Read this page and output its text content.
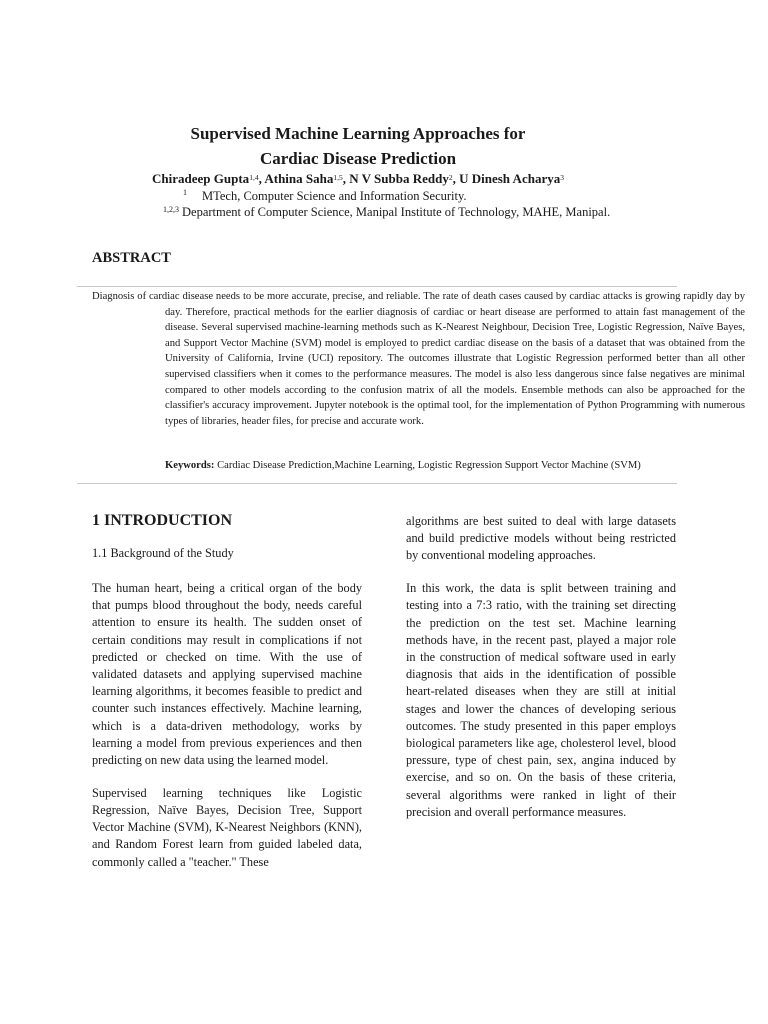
Supervised Machine Learning Approaches for
Cardiac Disease Prediction
Chiradeep Gupta$^{1,4}$, Athina Saha$^{1,5}$, N V Subba Reddy$^2$, U Dinesh Acharya$^3$
1 MTech, Computer Science and Information Security.
1,2,3 Department of Computer Science, Manipal Institute of Technology, MAHE, Manipal.
ABSTRACT

Diagnosis of cardiac disease needs to be more accurate, precise, and reliable. The rate of death cases caused by cardiac attacks is growing rapidly day by day. Therefore, practical methods for the earlier diagnosis of cardiac or heart disease are performed to attain fast management of the disease. Several supervised machine-learning methods such as K-Nearest Neighbour, Decision Tree, Logistic Regression, Naïve Bayes, and Support Vector Machine (SVM) model is employed to predict cardiac disease on the basis of a dataset that was obtained from the University of California, Irvine (UCI) repository. The outcomes illustrate that Logistic Regression performed better than all other supervised classifiers when it comes to the performance measures. The model is also less dangerous since false negatives are minimal compared to other models according to the confusion matrix of all the models. Ensemble methods can also be approached for the classifier's accuracy improvement. Jupyter notebook is the optimal tool, for the implementation of Python Programming with numerous types of libraries, header files, for precise and accurate work.

Keywords: Cardiac Disease Prediction,Machine Learning, Logistic Regression Support Vector Machine (SVM)
1 INTRODUCTION
1.1 Background of the Study

The human heart, being a critical organ of the body that pumps blood throughout the body, needs careful attention to ensure its health. The sudden onset of certain conditions may result in complications if not predicted or checked on time. With the use of validated datasets and applying supervised machine learning algorithms, it becomes feasible to predict and counter such instances effectively. Machine learning, which is a data-driven methodology, works by learning a model from previous experiences and then predicting on new data using the learned model.

Supervised learning techniques like Logistic Regression, Naïve Bayes, Decision Tree, Support Vector Machine (SVM), K-Nearest Neighbors (KNN), and Random Forest learn from guided labeled data, commonly called a "teacher." These

algorithms are best suited to deal with large datasets and build predictive models without being restricted by conventional modeling approaches.

In this work, the data is split between training and testing into a 7:3 ratio, with the training set directing the prediction on the test set. Machine learning methods have, in the recent past, played a major role in the construction of medical software used in early diagnosis that aids in the identification of possible heart-related diseases when they are still at initial stages and lower the chances of developing serious outcomes. The study presented in this paper employs biological parameters like age, cholesterol level, blood pressure, type of chest pain, sex, angina induced by exercise, and so on. On the basis of these criteria, several algorithms were ranked in light of their precision and overall performance measures.
